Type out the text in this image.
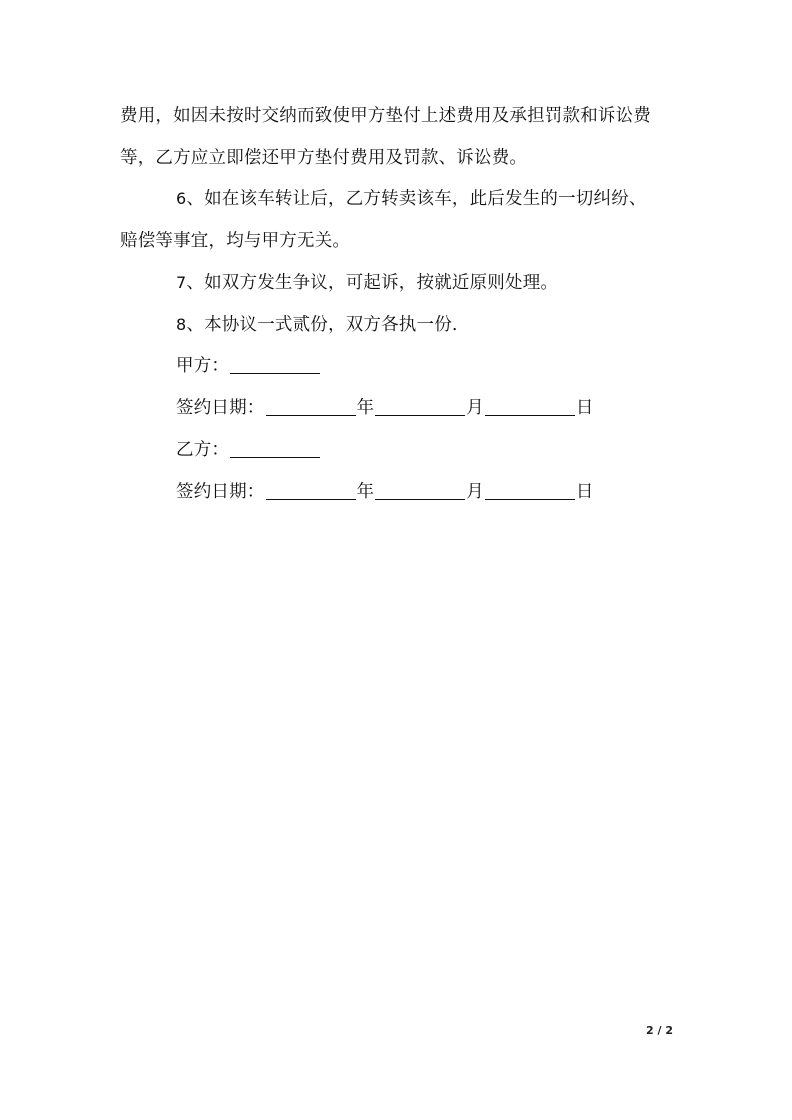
费用，如因未按时交纳而致使甲方垫付上述费用及承担罚款和诉讼费
等，乙方应立即偿还甲方垫付费用及罚款、诉讼费。
6、如在该车转让后，乙方转卖该车，此后发生的一切纠纷、
赔偿等事宜，均与甲方无关。
7、如双方发生争议，可起诉，按就近原则处理。
8、本协议一式贰份，双方各执一份.
甲方：
签约日期：	年	月	日
乙方：
签约日期：	年	月	日
2 / 2
